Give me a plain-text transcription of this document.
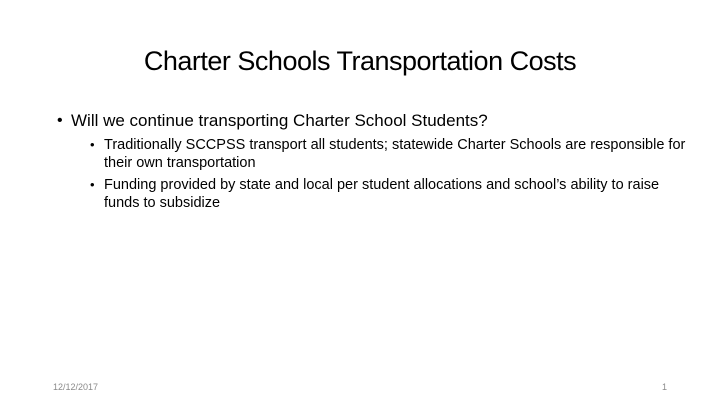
Charter Schools Transportation Costs
• Will we continue transporting Charter School Students?
• Traditionally SCCPSS transport all students; statewide Charter Schools are responsible for their own transportation
• Funding provided by state and local per student allocations and school’s ability to raise funds to subsidize
12/12/2017	1
